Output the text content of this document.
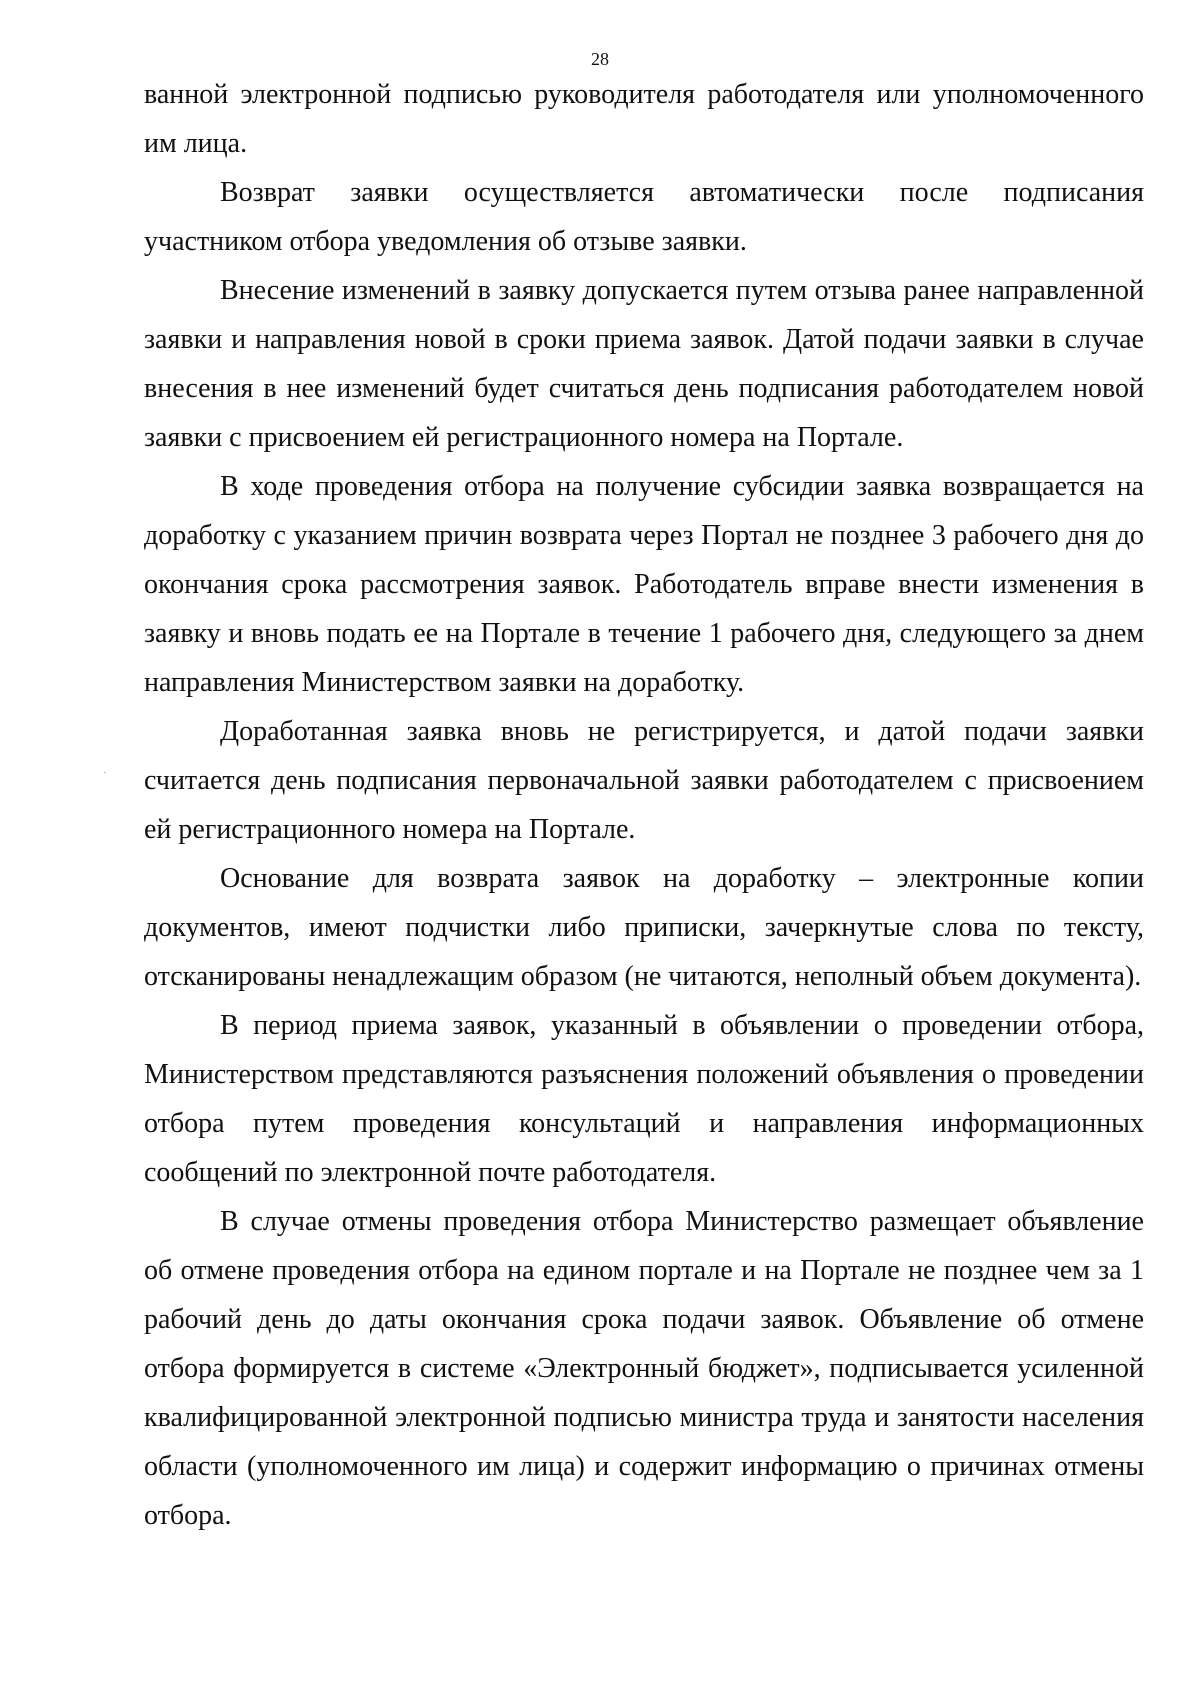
28

ванной электронной подписью руководителя работодателя или уполномоченного им лица.

Возврат заявки осуществляется автоматически после подписания участником отбора уведомления об отзыве заявки.

Внесение изменений в заявку допускается путем отзыва ранее направленной заявки и направления новой в сроки приема заявок. Датой подачи заявки в случае внесения в нее изменений будет считаться день подписания работодателем новой заявки с присвоением ей регистрационного номера на Портале.

В ходе проведения отбора на получение субсидии заявка возвращается на доработку с указанием причин возврата через Портал не позднее 3 рабочего дня до окончания срока рассмотрения заявок. Работодатель вправе внести изменения в заявку и вновь подать ее на Портале в течение 1 рабочего дня, следующего за днем направления Министерством заявки на доработку.

Доработанная заявка вновь не регистрируется, и датой подачи заявки считается день подписания первоначальной заявки работодателем с присвоением ей регистрационного номера на Портале.

Основание для возврата заявок на доработку – электронные копии документов, имеют подчистки либо приписки, зачеркнутые слова по тексту, отсканированы ненадлежащим образом (не читаются, неполный объем документа).

В период приема заявок, указанный в объявлении о проведении отбора, Министерством представляются разъяснения положений объявления о проведении отбора путем проведения консультаций и направления информационных сообщений по электронной почте работодателя.

В случае отмены проведения отбора Министерство размещает объявление об отмене проведения отбора на едином портале и на Портале не позднее чем за 1 рабочий день до даты окончания срока подачи заявок. Объявление об отмене отбора формируется в системе «Электронный бюджет», подписывается усиленной квалифицированной электронной подписью министра труда и занятости населения области (уполномоченного им лица) и содержит информацию о причинах отмены отбора.
